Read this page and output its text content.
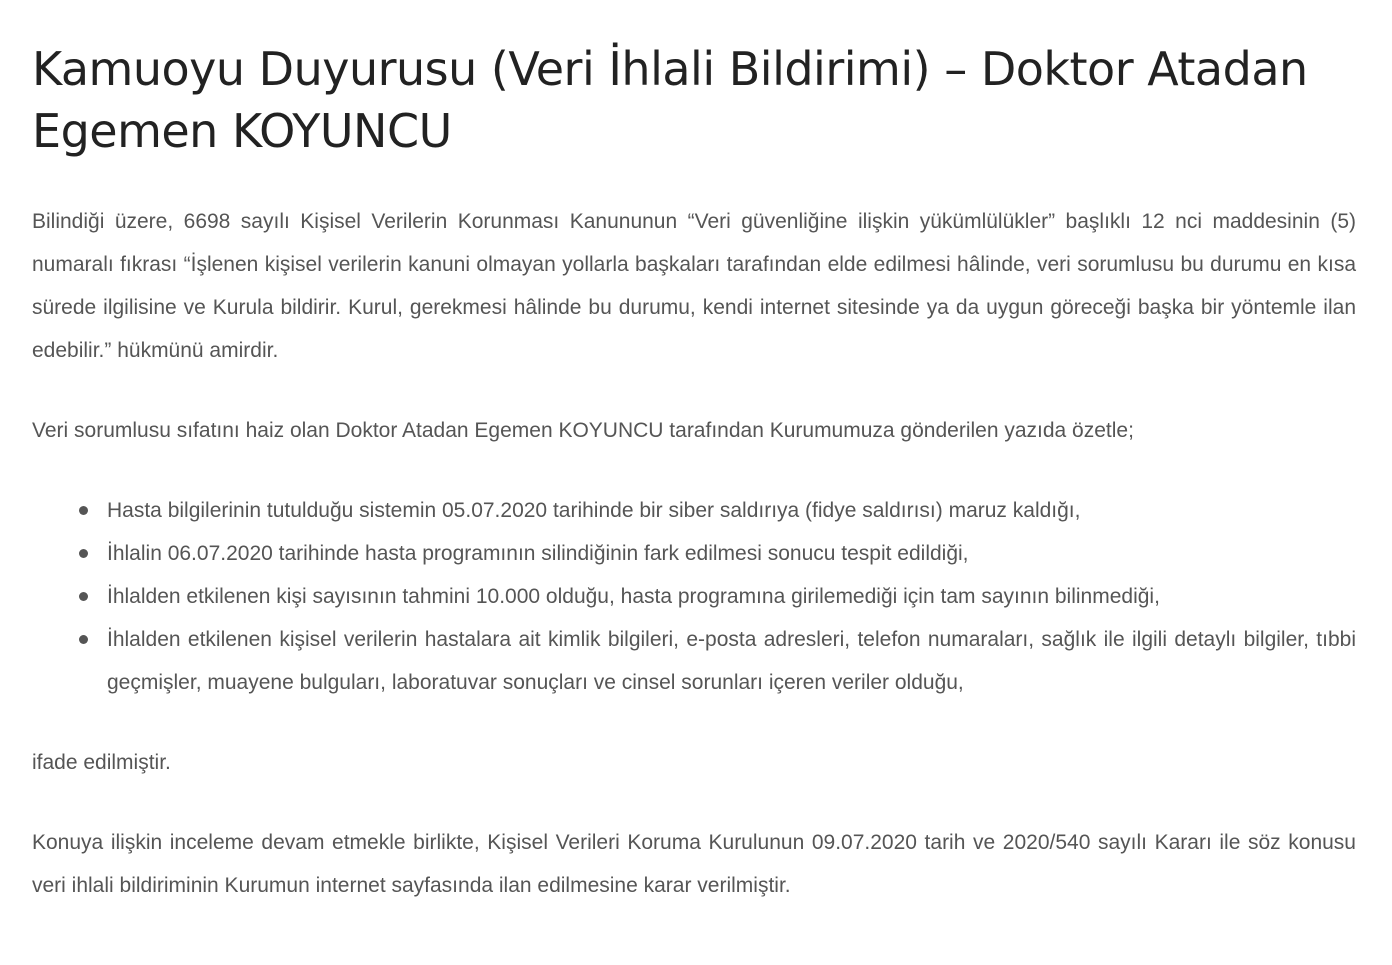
Kamuoyu Duyurusu (Veri İhlali Bildirimi) – Doktor Atadan Egemen KOYUNCU

Bilindiği üzere, 6698 sayılı Kişisel Verilerin Korunması Kanununun “Veri güvenliğine ilişkin yükümlülükler” başlıklı 12 nci maddesinin (5) numaralı fıkrası “İşlenen kişisel verilerin kanuni olmayan yollarla başkaları tarafından elde edilmesi hâlinde, veri sorumlusu bu durumu en kısa sürede ilgilisine ve Kurula bildirir. Kurul, gerekmesi hâlinde bu durumu, kendi internet sitesinde ya da uygun göreceği başka bir yöntemle ilan edebilir.” hükmünü amirdir.

Veri sorumlusu sıfatını haiz olan Doktor Atadan Egemen KOYUNCU tarafından Kurumumuza gönderilen yazıda özetle;

Hasta bilgilerinin tutulduğu sistemin 05.07.2020 tarihinde bir siber saldırıya (fidye saldırısı) maruz kaldığı,
İhlalin 06.07.2020 tarihinde hasta programının silindiğinin fark edilmesi sonucu tespit edildiği,
İhlalden etkilenen kişi sayısının tahmini 10.000 olduğu, hasta programına girilemediği için tam sayının bilinmediği,
İhlalden etkilenen kişisel verilerin hastalara ait kimlik bilgileri, e-posta adresleri, telefon numaraları, sağlık ile ilgili detaylı bilgiler, tıbbi geçmişler, muayene bulguları, laboratuvar sonuçları ve cinsel sorunları içeren veriler olduğu,

ifade edilmiştir.

Konuya ilişkin inceleme devam etmekle birlikte, Kişisel Verileri Koruma Kurulunun 09.07.2020 tarih ve 2020/540 sayılı Kararı ile söz konusu veri ihlali bildiriminin Kurumun internet sayfasında ilan edilmesine karar verilmiştir.
